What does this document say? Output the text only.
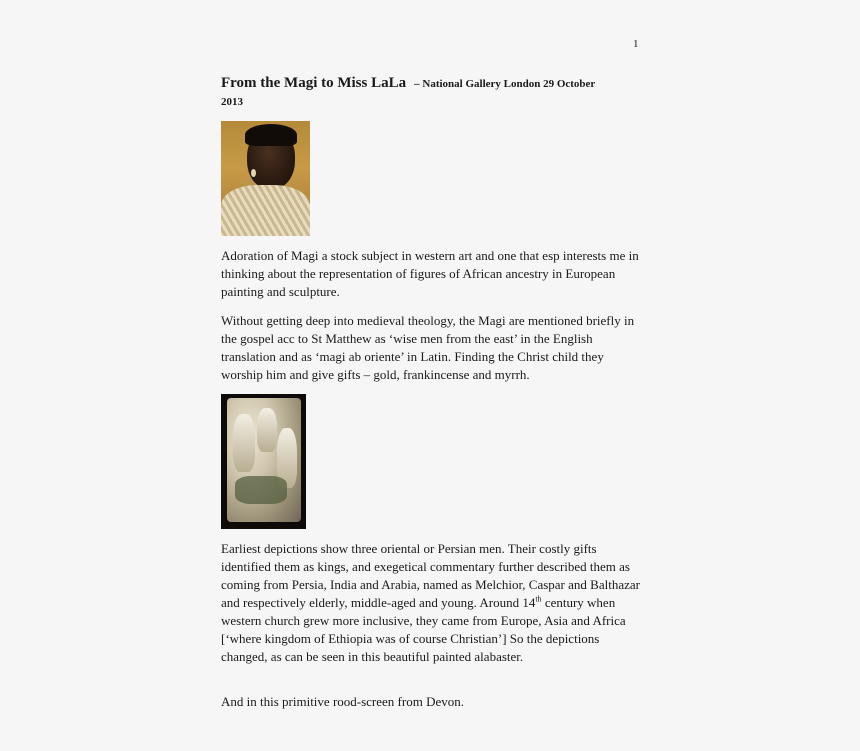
1
From the Magi to Miss LaLa – National Gallery London 29 October
2013

Adoration of Magi a stock subject in western art and one that esp interests me in thinking about the representation of figures of African ancestry in European painting and sculpture.

Without getting deep into medieval theology, the Magi are mentioned briefly in the gospel acc to St Matthew as ‘wise men from the east’ in the English translation and as ‘magi ab oriente’ in Latin. Finding the Christ child they worship him and give gifts – gold, frankincense and myrrh.

Earliest depictions show three oriental or Persian men. Their costly gifts identified them as kings, and exegetical commentary further described them as coming from Persia, India and Arabia, named as Melchior, Caspar and Balthazar and respectively elderly, middle-aged and young. Around 14th century when western church grew more inclusive, they came from Europe, Asia and Africa [‘where kingdom of Ethiopia was of course Christian’] So the depictions changed, as can be seen in this beautiful painted alabaster.

And in this primitive rood-screen from Devon.
